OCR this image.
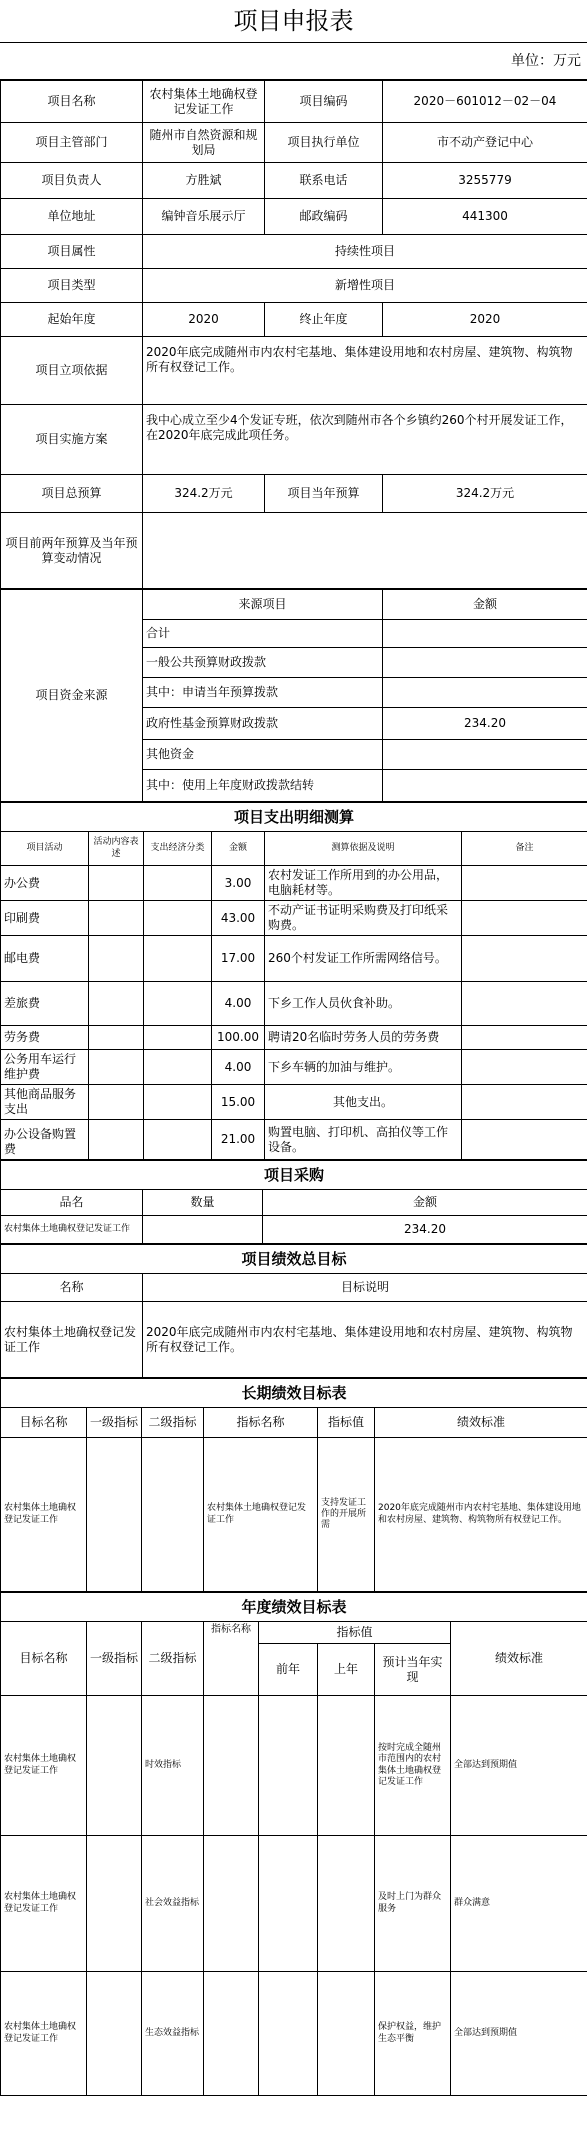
项目申报表
单位：万元
项目名称	农村集体土地确权登记发证工作	项目编码	2020－601012－02－04
项目主管部门	随州市自然资源和规划局	项目执行单位	市不动产登记中心
项目负责人	方胜斌	联系电话	3255779
单位地址	编钟音乐展示厅	邮政编码	441300
项目属性	持续性项目		
项目类型	新增性项目		
起始年度	2020	终止年度	2020
项目立项依据	2020年底完成随州市内农村宅基地、集体建设用地和农村房屋、建筑物、构筑物所有权登记工作。		
项目实施方案	我中心成立至少4个发证专班，依次到随州市各个乡镇约260个村开展发证工作，在2020年底完成此项任务。		
项目总预算	324.2万元	项目当年预算	324.2万元
项目前两年预算及当年预算变动情况			
项目资金来源	来源项目	金额
	合计	
	一般公共预算财政拨款	
	其中：申请当年预算拨款	
	政府性基金预算财政拨款	234.20
	其他资金	
	其中：使用上年度财政拨款结转	
项目支出明细测算					
项目活动	活动内容表述	支出经济分类	金额	测算依据及说明	备注
办公费			3.00	农村发证工作所用到的办公用品，电脑耗材等。	
印刷费			43.00	不动产证书证明采购费及打印纸采购费。	
邮电费			17.00	260个村发证工作所需网络信号。	
差旅费			4.00	下乡工作人员伙食补助。	
劳务费			100.00	聘请20名临时劳务人员的劳务费	
公务用车运行维护费			4.00	下乡车辆的加油与维护。	
其他商品服务支出			15.00	其他支出。	
办公设备购置费			21.00	购置电脑、打印机、高拍仪等工作设备。	
项目采购		
品名	数量	金额
农村集体土地确权登记发证工作		234.20
项目绩效总目标	
名称	目标说明
农村集体土地确权登记发证工作	2020年底完成随州市内农村宅基地、集体建设用地和农村房屋、建筑物、构筑物所有权登记工作。
长期绩效目标表					
目标名称	一级指标	二级指标	指标名称	指标值	绩效标准
农村集体土地确权登记发证工作			农村集体土地确权登记发证工作	支持发证工作的开展所需	2020年底完成随州市内农村宅基地、集体建设用地和农村房屋、建筑物、构筑物所有权登记工作。
年度绩效目标表							
目标名称	一级指标	二级指标	指标名称	指标值			绩效标准
				前年	上年	预计当年实现	
农村集体土地确权登记发证工作		时效指标				按时完成全随州市范围内的农村集体土地确权登记发证工作	全部达到预期值
农村集体土地确权登记发证工作		社会效益指标				及时上门为群众服务	群众满意
农村集体土地确权登记发证工作		生态效益指标				保护权益，维护生态平衡	全部达到预期值
